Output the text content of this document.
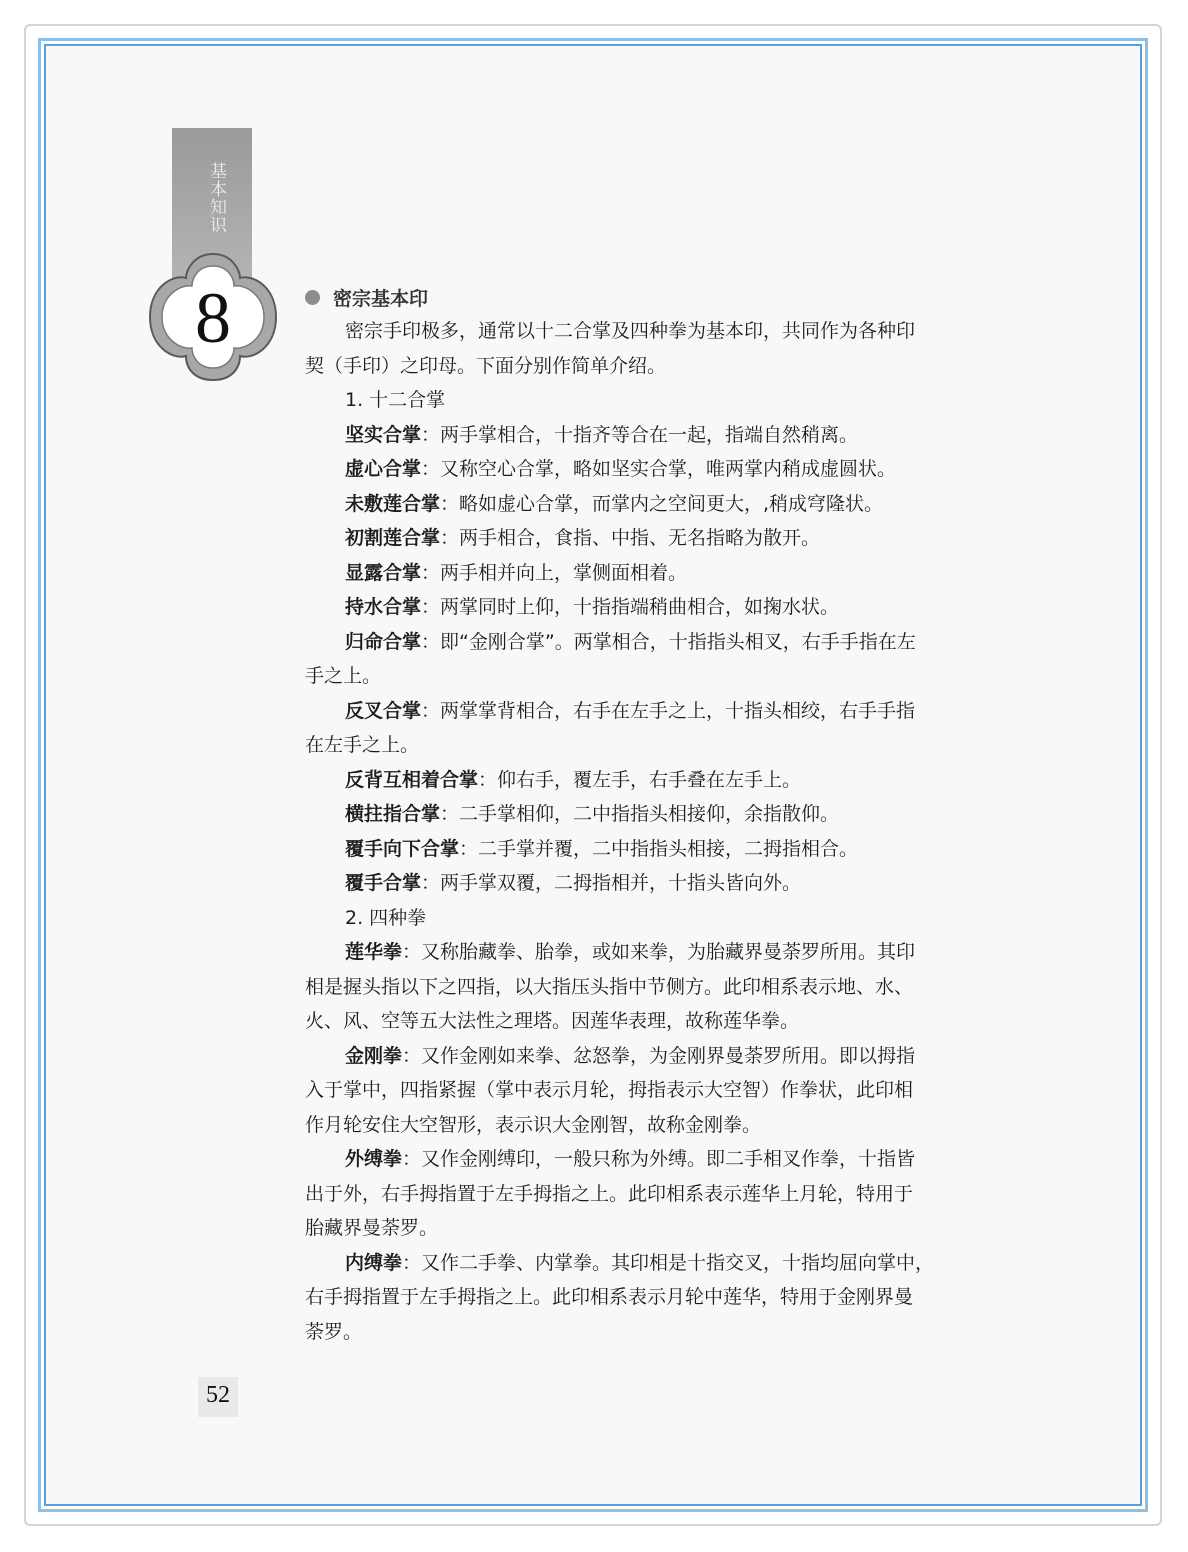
基本知识
8	密宗基本印
密宗手印极多，通常以十二合掌及四种拳为基本印，共同作为各种印
契（手印）之印母。下面分别作简单介绍。
1. 十二合掌
坚实合掌：两手掌相合，十指齐等合在一起，指端自然稍离。
虚心合掌：又称空心合掌，略如坚实合掌，唯两掌内稍成虚圆状。
未敷莲合掌：略如虚心合掌，而掌内之空间更大，,稍成穹隆状。
初割莲合掌：两手相合，食指、中指、无名指略为散开。
显露合掌：两手相并向上，掌侧面相着。
持水合掌：两掌同时上仰，十指指端稍曲相合，如掬水状。
归命合掌：即“金刚合掌”。两掌相合，十指指头相叉，右手手指在左
手之上。
反叉合掌：两掌掌背相合，右手在左手之上，十指头相绞，右手手指
在左手之上。
反背互相着合掌：仰右手，覆左手，右手叠在左手上。
横拄指合掌：二手掌相仰，二中指指头相接仰，余指散仰。
覆手向下合掌：二手掌并覆，二中指指头相接，二拇指相合。
覆手合掌：两手掌双覆，二拇指相并，十指头皆向外。
2. 四种拳
莲华拳：又称胎藏拳、胎拳，或如来拳，为胎藏界曼荼罗所用。其印
相是握头指以下之四指，以大指压头指中节侧方。此印相系表示地、水、
火、风、空等五大法性之理塔。因莲华表理，故称莲华拳。
金刚拳：又作金刚如来拳、忿怒拳，为金刚界曼荼罗所用。即以拇指
入于掌中，四指紧握（掌中表示月轮，拇指表示大空智）作拳状，此印相
作月轮安住大空智形，表示识大金刚智，故称金刚拳。
外缚拳：又作金刚缚印，一般只称为外缚。即二手相叉作拳，十指皆
出于外，右手拇指置于左手拇指之上。此印相系表示莲华上月轮，特用于
胎藏界曼荼罗。
内缚拳：又作二手拳、内掌拳。其印相是十指交叉，十指均屈向掌中，
右手拇指置于左手拇指之上。此印相系表示月轮中莲华，特用于金刚界曼
荼罗。
52
